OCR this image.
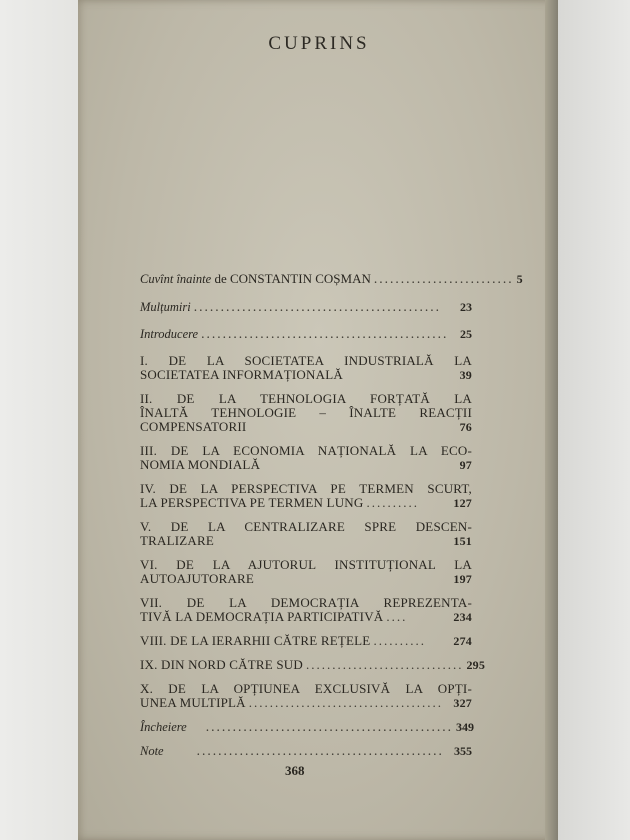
CUPRINS
Cuvînt înainte de CONSTANTIN COȘMAN .......................... 5
Mulțumiri ..............................................	23
Introducere .............................................. 25
I. DE LA SOCIETATEA INDUSTRIALĂ LA
SOCIETATEA INFORMAȚIONALĂ	39
II. DE LA TEHNOLOGIA FORȚATĂ LA
ÎNALTĂ TEHNOLOGIE – ÎNALTE REACȚII
COMPENSATORII	76
III. DE LA ECONOMIA NAȚIONALĂ LA ECO-
NOMIA MONDIALĂ	97
IV. DE LA PERSPECTIVA PE TERMEN SCURT,
LA PERSPECTIVA PE TERMEN LUNG ..........	127
V. DE LA CENTRALIZARE SPRE DESCEN-
TRALIZARE	151
VI. DE LA AJUTORUL INSTITUȚIONAL LA
AUTOAJUTORARE	197
VII. DE LA DEMOCRAȚIA REPREZENTA-
TIVĂ LA DEMOCRAȚIA PARTICIPATIVĂ ....	234
VIII. DE LA IERARHII CĂTRE REȚELE ..........	274
IX. DIN NORD CĂTRE SUD .............................. 295
X. DE LA OPȚIUNEA EXCLUSIVĂ LA OPȚI-
UNEA MULTIPLĂ ..................................... 327
Încheiere	.............................................. 349
Note	.............................................. 355
368
